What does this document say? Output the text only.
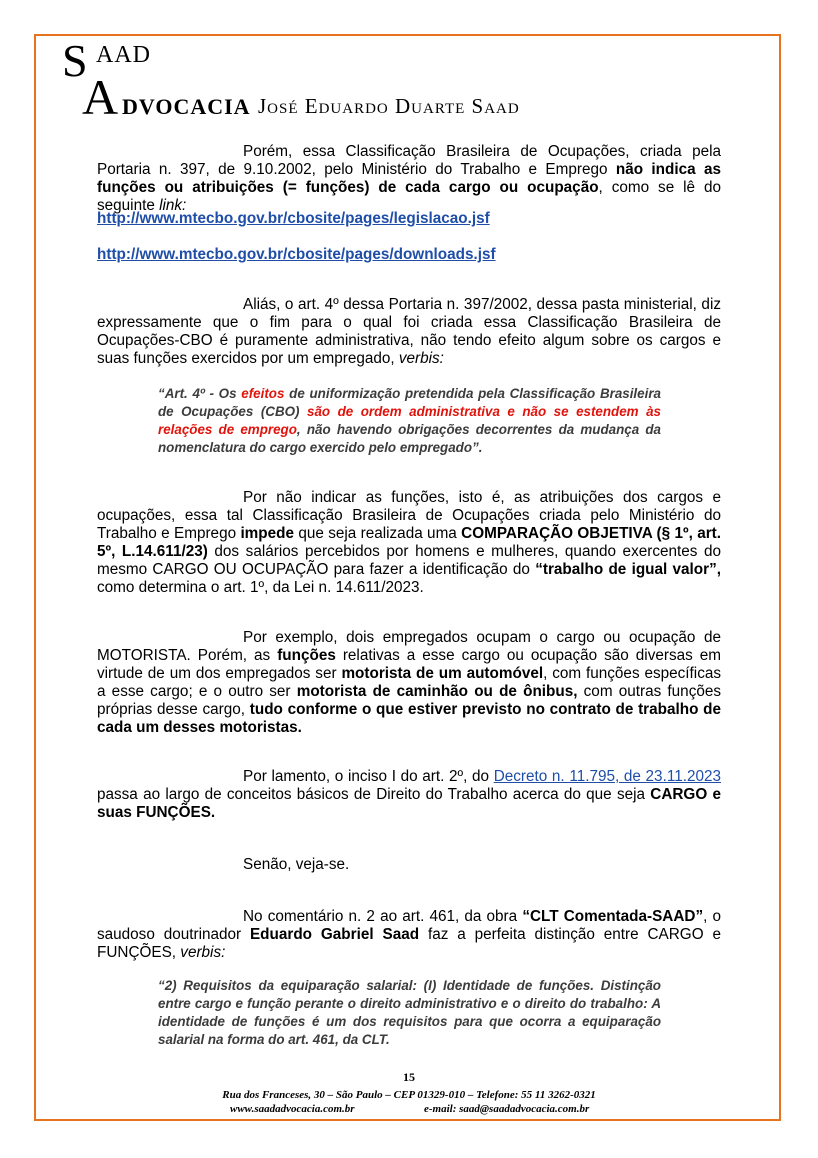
S AAD
A DVOCACIA José Eduardo Duarte Saad
Porém, essa Classificação Brasileira de Ocupações, criada pela Portaria n. 397, de 9.10.2002, pelo Ministério do Trabalho e Emprego não indica as funções ou atribuições (= funções) de cada cargo ou ocupação, como se lê do seguinte link:
http://www.mtecbo.gov.br/cbosite/pages/legislacao.jsf
http://www.mtecbo.gov.br/cbosite/pages/downloads.jsf
Aliás, o art. 4º dessa Portaria n. 397/2002, dessa pasta ministerial, diz expressamente que o fim para o qual foi criada essa Classificação Brasileira de Ocupações-CBO é puramente administrativa, não tendo efeito algum sobre os cargos e suas funções exercidos por um empregado, verbis:
“Art. 4º - Os efeitos de uniformização pretendida pela Classificação Brasileira de Ocupações (CBO) são de ordem administrativa e não se estendem às relações de emprego, não havendo obrigações decorrentes da mudança da nomenclatura do cargo exercido pelo empregado”.
Por não indicar as funções, isto é, as atribuições dos cargos e ocupações, essa tal Classificação Brasileira de Ocupações criada pelo Ministério do Trabalho e Emprego impede que seja realizada uma COMPARAÇÃO OBJETIVA (§ 1º, art. 5º, L.14.611/23) dos salários percebidos por homens e mulheres, quando exercentes do mesmo CARGO OU OCUPAÇÃO para fazer a identificação do “trabalho de igual valor”, como determina o art. 1º, da Lei n. 14.611/2023.
Por exemplo, dois empregados ocupam o cargo ou ocupação de MOTORISTA. Porém, as funções relativas a esse cargo ou ocupação são diversas em virtude de um dos empregados ser motorista de um automóvel, com funções específicas a esse cargo; e o outro ser motorista de caminhão ou de ônibus, com outras funções próprias desse cargo, tudo conforme o que estiver previsto no contrato de trabalho de cada um desses motoristas.
Por lamento, o inciso I do art. 2º, do Decreto n. 11.795, de 23.11.2023 passa ao largo de conceitos básicos de Direito do Trabalho acerca do que seja CARGO e suas FUNÇÕES.
Senão, veja-se.
No comentário n. 2 ao art. 461, da obra “CLT Comentada-SAAD”, o saudoso doutrinador Eduardo Gabriel Saad faz a perfeita distinção entre CARGO e FUNÇÕES, verbis:
“2) Requisitos da equiparação salarial: (I) Identidade de funções. Distinção entre cargo e função perante o direito administrativo e o direito do trabalho: A identidade de funções é um dos requisitos para que ocorra a equiparação salarial na forma do art. 461, da CLT.
15
Rua dos Franceses, 30 – São Paulo – CEP 01329-010 – Telefone: 55 11 3262-0321
www.saadadvocacia.com.br	e-mail: saad@saadadvocacia.com.br
